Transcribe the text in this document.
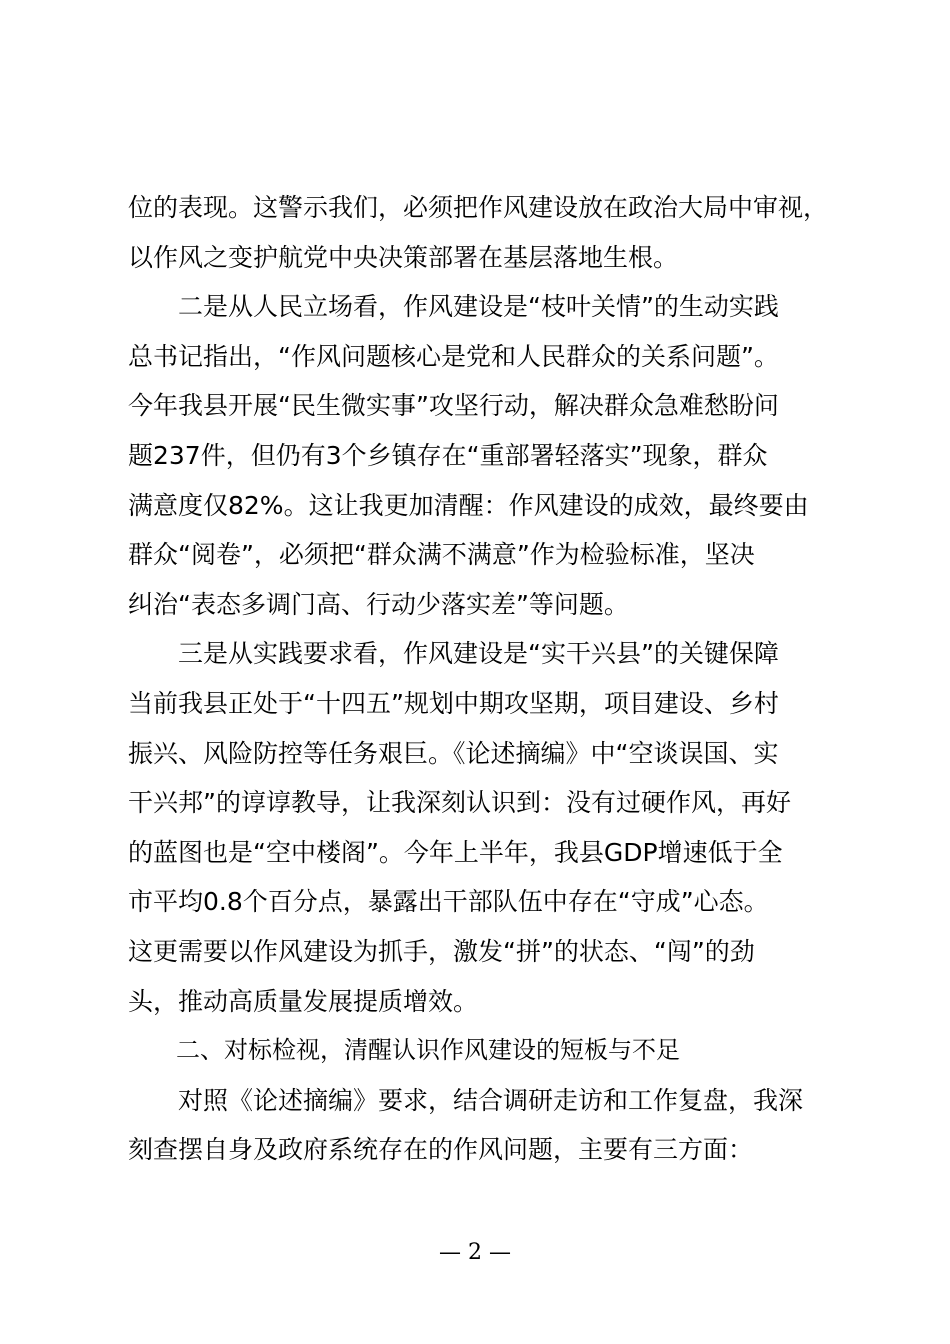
位的表现。这警示我们，必须把作风建设放在政治大局中审视，
以作风之变护航党中央决策部署在基层落地生根。

二是从人民立场看，作风建设是“枝叶关情”的生动实践
总书记指出，“作风问题核心是党和人民群众的关系问题”。
今年我县开展“民生微实事”攻坚行动，解决群众急难愁盼问
题237件，但仍有3个乡镇存在“重部署轻落实”现象，群众
满意度仅82%。这让我更加清醒：作风建设的成效，最终要由
群众“阅卷”，必须把“群众满不满意”作为检验标准，坚决
纠治“表态多调门高、行动少落实差”等问题。

三是从实践要求看，作风建设是“实干兴县”的关键保障
当前我县正处于“十四五”规划中期攻坚期，项目建设、乡村
振兴、风险防控等任务艰巨。《论述摘编》中“空谈误国、实
干兴邦”的谆谆教导，让我深刻认识到：没有过硬作风，再好
的蓝图也是“空中楼阁”。今年上半年，我县GDP增速低于全
市平均0.8个百分点，暴露出干部队伍中存在“守成”心态。
这更需要以作风建设为抓手，激发“拼”的状态、“闯”的劲
头，推动高质量发展提质增效。

二、对标检视，清醒认识作风建设的短板与不足

对照《论述摘编》要求，结合调研走访和工作复盘，我深
刻查摆自身及政府系统存在的作风问题，主要有三方面：

— 2 —
